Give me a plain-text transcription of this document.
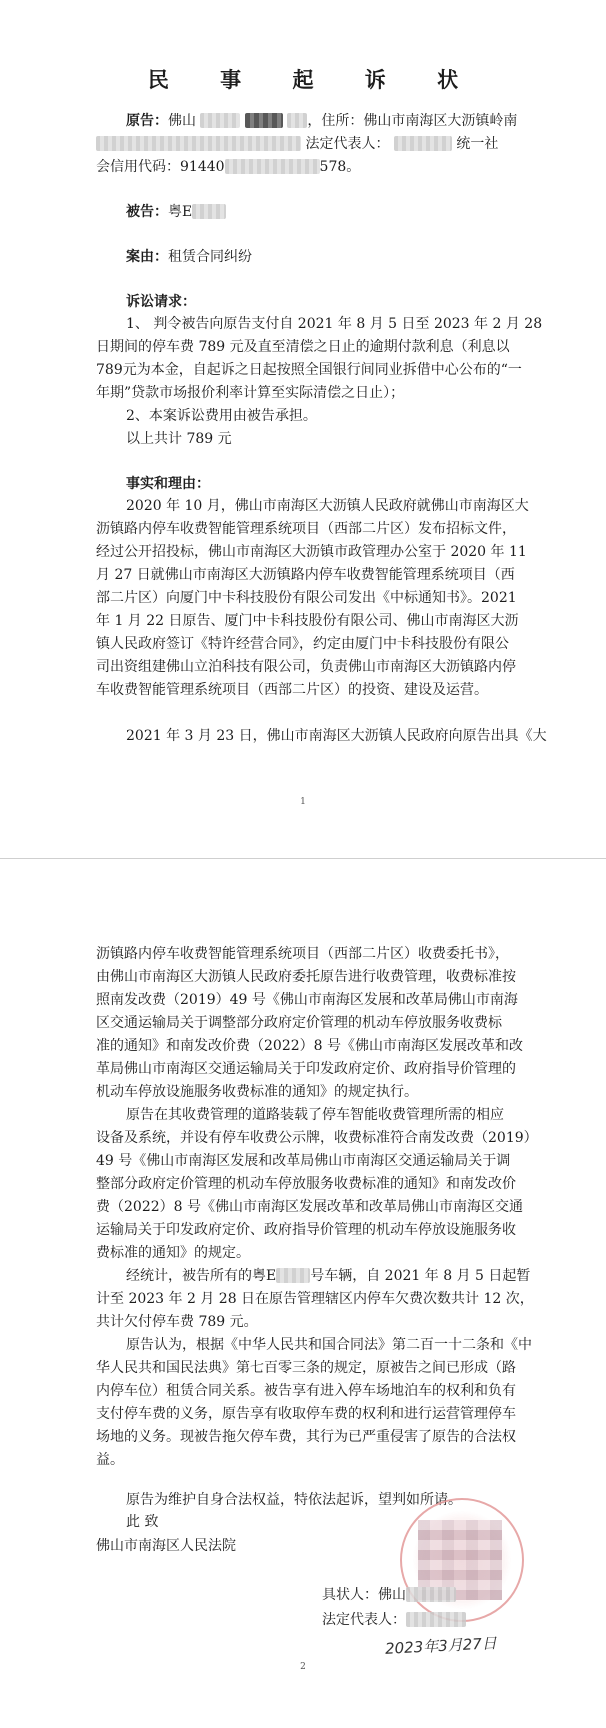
民 事 起 诉 状
原告：佛山	，住所：佛山市南海区大沥镇岭南
法定代表人：	统一社
会信用代码：91440	578。
被告：粤E
案由：租赁合同纠纷
诉讼请求：
1、 判令被告向原告支付自 2021 年 8 月 5 日至 2023 年 2 月 28
日期间的停车费 789 元及直至清偿之日止的逾期付款利息（利息以
789元为本金，自起诉之日起按照全国银行间同业拆借中心公布的“一
年期”贷款市场报价利率计算至实际清偿之日止）；
2、本案诉讼费用由被告承担。
以上共计 789 元
事实和理由：
2020 年 10 月，佛山市南海区大沥镇人民政府就佛山市南海区大
沥镇路内停车收费智能管理系统项目（西部二片区）发布招标文件，
经过公开招投标，佛山市南海区大沥镇市政管理办公室于 2020 年 11
月 27 日就佛山市南海区大沥镇路内停车收费智能管理系统项目（西
部二片区）向厦门中卡科技股份有限公司发出《中标通知书》。2021
年 1 月 22 日原告、厦门中卡科技股份有限公司、佛山市南海区大沥
镇人民政府签订《特许经营合同》，约定由厦门中卡科技股份有限公
司出资组建佛山立泊科技有限公司，负责佛山市南海区大沥镇路内停
车收费智能管理系统项目（西部二片区）的投资、建设及运营。
2021 年 3 月 23 日，佛山市南海区大沥镇人民政府向原告出具《大
1
沥镇路内停车收费智能管理系统项目（西部二片区）收费委托书》，
由佛山市南海区大沥镇人民政府委托原告进行收费管理，收费标准按
照南发改费（2019）49 号《佛山市南海区发展和改革局佛山市南海
区交通运输局关于调整部分政府定价管理的机动车停放服务收费标
准的通知》和南发改价费（2022）8 号《佛山市南海区发展改革和改
革局佛山市南海区交通运输局关于印发政府定价、政府指导价管理的
机动车停放设施服务收费标准的通知》的规定执行。
原告在其收费管理的道路装载了停车智能收费管理所需的相应
设备及系统，并设有停车收费公示牌，收费标准符合南发改费（2019）
49 号《佛山市南海区发展和改革局佛山市南海区交通运输局关于调
整部分政府定价管理的机动车停放服务收费标准的通知》和南发改价
费（2022）8 号《佛山市南海区发展改革和改革局佛山市南海区交通
运输局关于印发政府定价、政府指导价管理的机动车停放设施服务收
费标准的通知》的规定。
经统计，被告所有的粤E 号车辆，自 2021 年 8 月 5 日起暂
计至 2023 年 2 月 28 日在原告管理辖区内停车欠费次数共计 12 次，
共计欠付停车费 789 元。
原告认为，根据《中华人民共和国合同法》第二百一十二条和《中
华人民共和国民法典》第七百零三条的规定，原被告之间已形成（路
内停车位）租赁合同关系。被告享有进入停车场地泊车的权利和负有
支付停车费的义务，原告享有收取停车费的权利和进行运营管理停车
场地的义务。现被告拖欠停车费，其行为已严重侵害了原告的合法权
益。
原告为维护自身合法权益，特依法起诉，望判如所请。
此 致
佛山市南海区人民法院
具状人：佛山
法定代表人：
2023年3月27日
2
